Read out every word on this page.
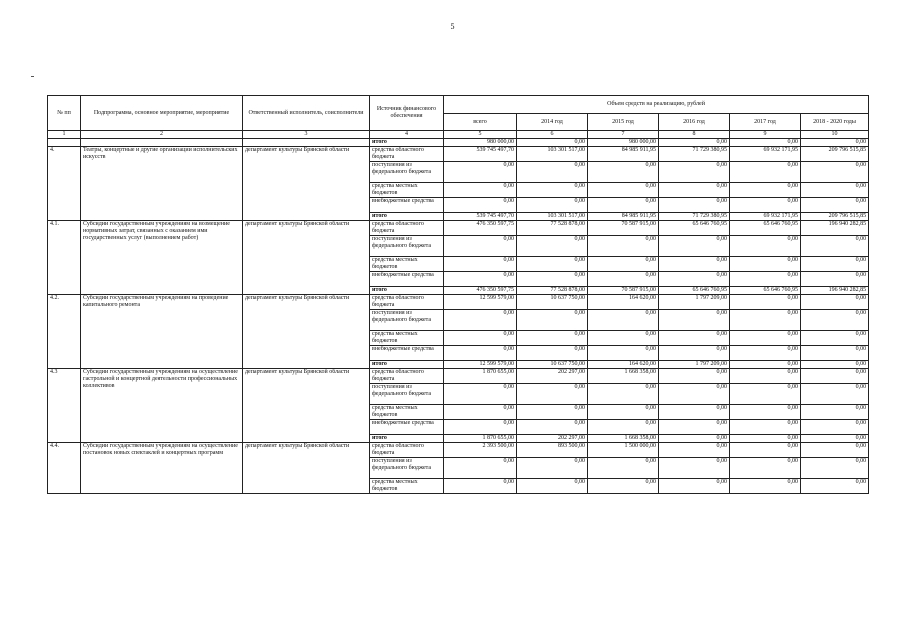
5
№ пп	Подпрограмма, основное мероприятие, мероприятие	Ответственный исполнитель, соисполнители	Источник финансового обеспечения	Объем средств на реализацию, рублей					
				всего	2014 год	2015 год	2016 год	2017 год	2018 - 2020 годы
1	2	3	4	5	6	7	8	9	10
			итого	980 000,00	0,00	980 000,00	0,00	0,00	0,00
4.	Театры, концертные и другие организации исполнительских искусств	департамент культуры Брянской области	средства областного бюджета	539 745 497,70	103 301 517,00	84 985 911,95	71 729 380,95	69 932 171,95	209 796 515,85
			поступления из федерального бюджета	0,00	0,00	0,00	0,00	0,00	0,00
			средства местных бюджетов	0,00	0,00	0,00	0,00	0,00	0,00
			внебюджетные средства	0,00	0,00	0,00	0,00	0,00	0,00
			итого	539 745 497,70	103 301 517,00	84 985 911,95	71 729 380,95	69 932 171,95	209 796 515,85
4.1.	Субсидии государственным учреждениям на возмещение нормативных затрат, связанных с оказанием ими государственных услуг (выполнением работ)	департамент культуры Брянской области	средства областного бюджета	476 350 597,75	77 528 878,00	70 587 915,00	65 646 760,95	65 646 760,95	196 940 282,85
			поступления из федерального бюджета	0,00	0,00	0,00	0,00	0,00	0,00
			средства местных бюджетов	0,00	0,00	0,00	0,00	0,00	0,00
			внебюджетные средства	0,00	0,00	0,00	0,00	0,00	0,00
			итого	476 350 597,75	77 528 878,00	70 587 915,00	65 646 760,95	65 646 760,95	196 940 282,85
4.2.	Субсидии государственным учреждениям на проведение капитального ремонта	департамент культуры Брянской области	средства областного бюджета	12 599 579,00	10 637 750,00	164 620,00	1 797 209,00	0,00	0,00
			поступления из федерального бюджета	0,00	0,00	0,00	0,00	0,00	0,00
			средства местных бюджетов	0,00	0,00	0,00	0,00	0,00	0,00
			внебюджетные средства	0,00	0,00	0,00	0,00	0,00	0,00
			итого	12 599 579,00	10 637 750,00	164 620,00	1 797 209,00	0,00	0,00
4.3	Субсидии государственным учреждениям на осуществление гастрольной и концертной деятельности профессиональных коллективов	департамент культуры Брянской области	средства областного бюджета	1 870 655,00	202 297,00	1 668 358,00	0,00	0,00	0,00
			поступления из федерального бюджета	0,00	0,00	0,00	0,00	0,00	0,00
			средства местных бюджетов	0,00	0,00	0,00	0,00	0,00	0,00
			внебюджетные средства	0,00	0,00	0,00	0,00	0,00	0,00
			итого	1 870 655,00	202 297,00	1 668 358,00	0,00	0,00	0,00
4.4.	Субсидии государственным учреждениям на осуществление постановок новых спектаклей и концертных программ	департамент культуры Брянской области	средства областного бюджета	2 393 500,00	893 500,00	1 500 000,00	0,00	0,00	0,00
			поступления из федерального бюджета	0,00	0,00	0,00	0,00	0,00	0,00
			средства местных бюджетов	0,00	0,00	0,00	0,00	0,00	0,00
